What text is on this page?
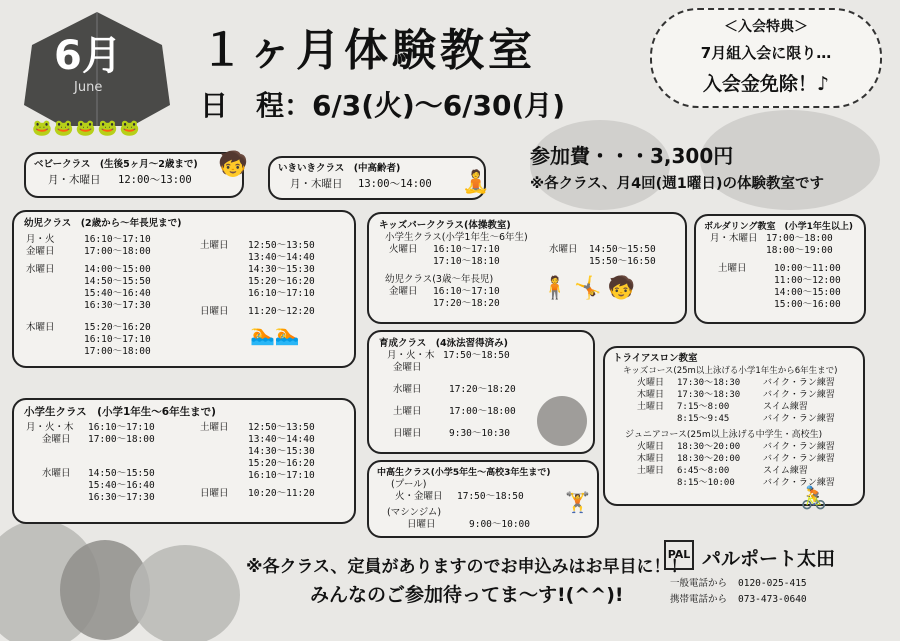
6月
June
🐸🐸🐸🐸🐸
１ヶ月体験教室
日　程： 6/3(火)〜6/30(月)
＜入会特典＞
7月組入会に限り…
入会金免除！♪
参加費・・・ 3,300円
※各クラス、月4回(週1曜日)の体験教室です
ベビークラス　(生後5ヶ月〜2歳まで)
月・木曜日	12:00〜13:00
🧒	いきいきクラス　(中高齢者)
月・木曜日	13:00〜14:00 🧘
幼児クラス　(2歳から〜年長児まで)
月・火	16:10〜17:10
金曜日	17:00〜18:00
水曜日	14:00〜15:00
14:50〜15:50
15:40〜16:40
16:30〜17:30
木曜日	15:20〜16:20
16:10〜17:10
17:00〜18:00
土曜日	12:50〜13:50
13:40〜14:40
14:30〜15:30
15:20〜16:20
16:10〜17:10
日曜日	11:20〜12:20
🏊🏊
キッズパーククラス(体操教室)
小学生クラス(小学1年生〜6年生)
火曜日	16:10〜17:10	水曜日	14:50〜15:50
17:10〜18:10	15:50〜16:50
幼児クラス(3歳〜年長児)
金曜日	16:10〜17:10
17:20〜18:20
🧍🤸🧒
ボルダリング教室　(小学1年生以上)
月・木曜日 17:00〜18:00
18:00〜19:00
土曜日	10:00〜11:00
11:00〜12:00
14:00〜15:00
15:00〜16:00
育成クラス　(4泳法習得済み)
月・火・木 17:50〜18:50
金曜日
水曜日	17:20〜18:20
土曜日	17:00〜18:00
日曜日	9:30〜10:30
トライアスロン教室
キッズコース(25m以上泳げる小学1年生から6年生まで)
火曜日	17:30〜18:30	バイク・ラン練習
木曜日	17:30〜18:30	バイク・ラン練習
土曜日	7:15〜8:00	スイム練習
8:15〜9:45	バイク・ラン練習
ジュニアコース(25m以上泳げる中学生・高校生)
火曜日	18:30〜20:00	バイク・ラン練習
木曜日	18:30〜20:00	バイク・ラン練習
土曜日	6:45〜8:00	スイム練習
8:15〜10:00	バイク・ラン練習
🚴
小学生クラス　(小学1年生〜6年生まで)
月・火・木	16:10〜17:10
金曜日	17:00〜18:00
水曜日	14:50〜15:50
15:40〜16:40
16:30〜17:30
土曜日	12:50〜13:50
13:40〜14:40
14:30〜15:30
15:20〜16:20
16:10〜17:10
日曜日	10:20〜11:20
中高生クラス(小学5年生〜高校3年生まで)
(プール)
火・金曜日	17:50〜18:50
(マシンジム)
日曜日	9:00〜10:00
🏋
※各クラス、定員がありますのでお申込みはお早目に！！
みんなのご参加待ってま〜す!(^^)!
PAL パルポート太田
一般電話から	0120-025-415
携帯電話から	073-473-0640
